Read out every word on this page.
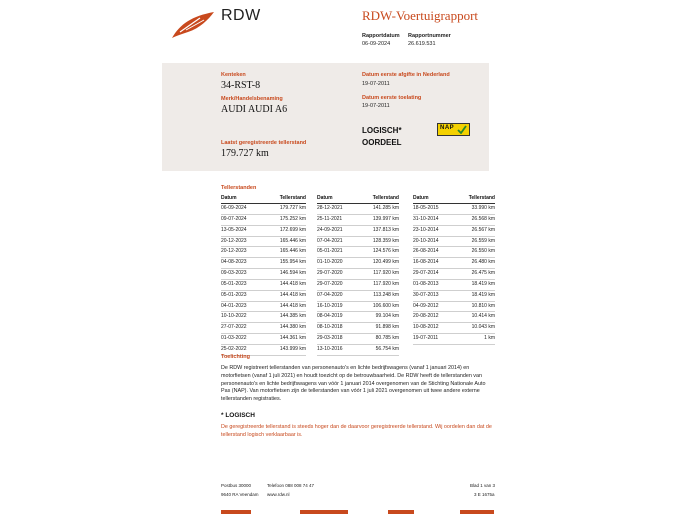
RDW	RDW-Voertuigrapport
Rapportdatum
06-09-2024
Rapportnummer
26.619.531
Kenteken
34-RST-8
Merk/Handelsbenaming
AUDI AUDI A6
Laatst geregistreerde tellerstand
179.727 km
Datum eerste afgifte in Nederland
19-07-2011
Datum eerste toelating
19-07-2011
LOGISCH*
OORDEEL
NAP
Tellerstanden
Datum	Tellerstand
06-09-2024	179.727 km
09-07-2024	175.252 km
13-05-2024	172.699 km
20-12-2023	165.446 km
20-12-2023	165.446 km
04-08-2023	155.954 km
09-03-2023	146.594 km
05-01-2023	144.418 km
05-01-2023	144.418 km
04-01-2023	144.418 km
10-10-2022	144.385 km
27-07-2022	144.380 km
01-03-2022	144.361 km
25-02-2022	143.999 km
Datum	Tellerstand
28-12-2021	141.285 km
25-11-2021	139.997 km
24-09-2021	137.813 km
07-04-2021	128.359 km
05-01-2021	124.576 km
01-10-2020	120.499 km
29-07-2020	117.920 km
29-07-2020	117.920 km
07-04-2020	113.248 km
16-10-2019	106.600 km
08-04-2019	99.104 km
08-10-2018	91.898 km
29-03-2018	80.785 km
13-10-2016	56.754 km
Datum	Tellerstand
18-05-2015	33.990 km
31-10-2014	26.568 km
23-10-2014	26.567 km
20-10-2014	26.559 km
26-08-2014	26.550 km
16-08-2014	26.480 km
29-07-2014	26.475 km
01-08-2013	18.419 km
30-07-2013	18.419 km
04-09-2012	10.810 km
20-08-2012	10.414 km
10-08-2012	10.043 km
19-07-2011	1 km
Toelichting
De RDW registreert tellerstanden van personenauto's en lichte bedrijfswagens (vanaf 1 januari 2014) en motorfietsen (vanaf 1 juli 2021) en houdt toezicht op de betrouwbaarheid. De RDW heeft de tellerstanden van personenauto's en lichte bedrijfswagens van vóór 1 januari 2014 overgenomen van de Stichting Nationale Auto Pas (NAP). Van motorfietsen zijn de tellerstanden van vóór 1 juli 2021 overgenomen uit twee andere externe tellerstanden registraties.
* LOGISCH
De geregistreerde tellerstand is steeds hoger dan de daarvoor geregistreerde tellerstand. Wij oordelen dan dat de tellerstand logisch verklaarbaar is.
Postbus 30000
9640 RA Veendam
Telefoon 088 008 74 47
www.rdw.nl
Blad 1 van 3
3 E 1675a
